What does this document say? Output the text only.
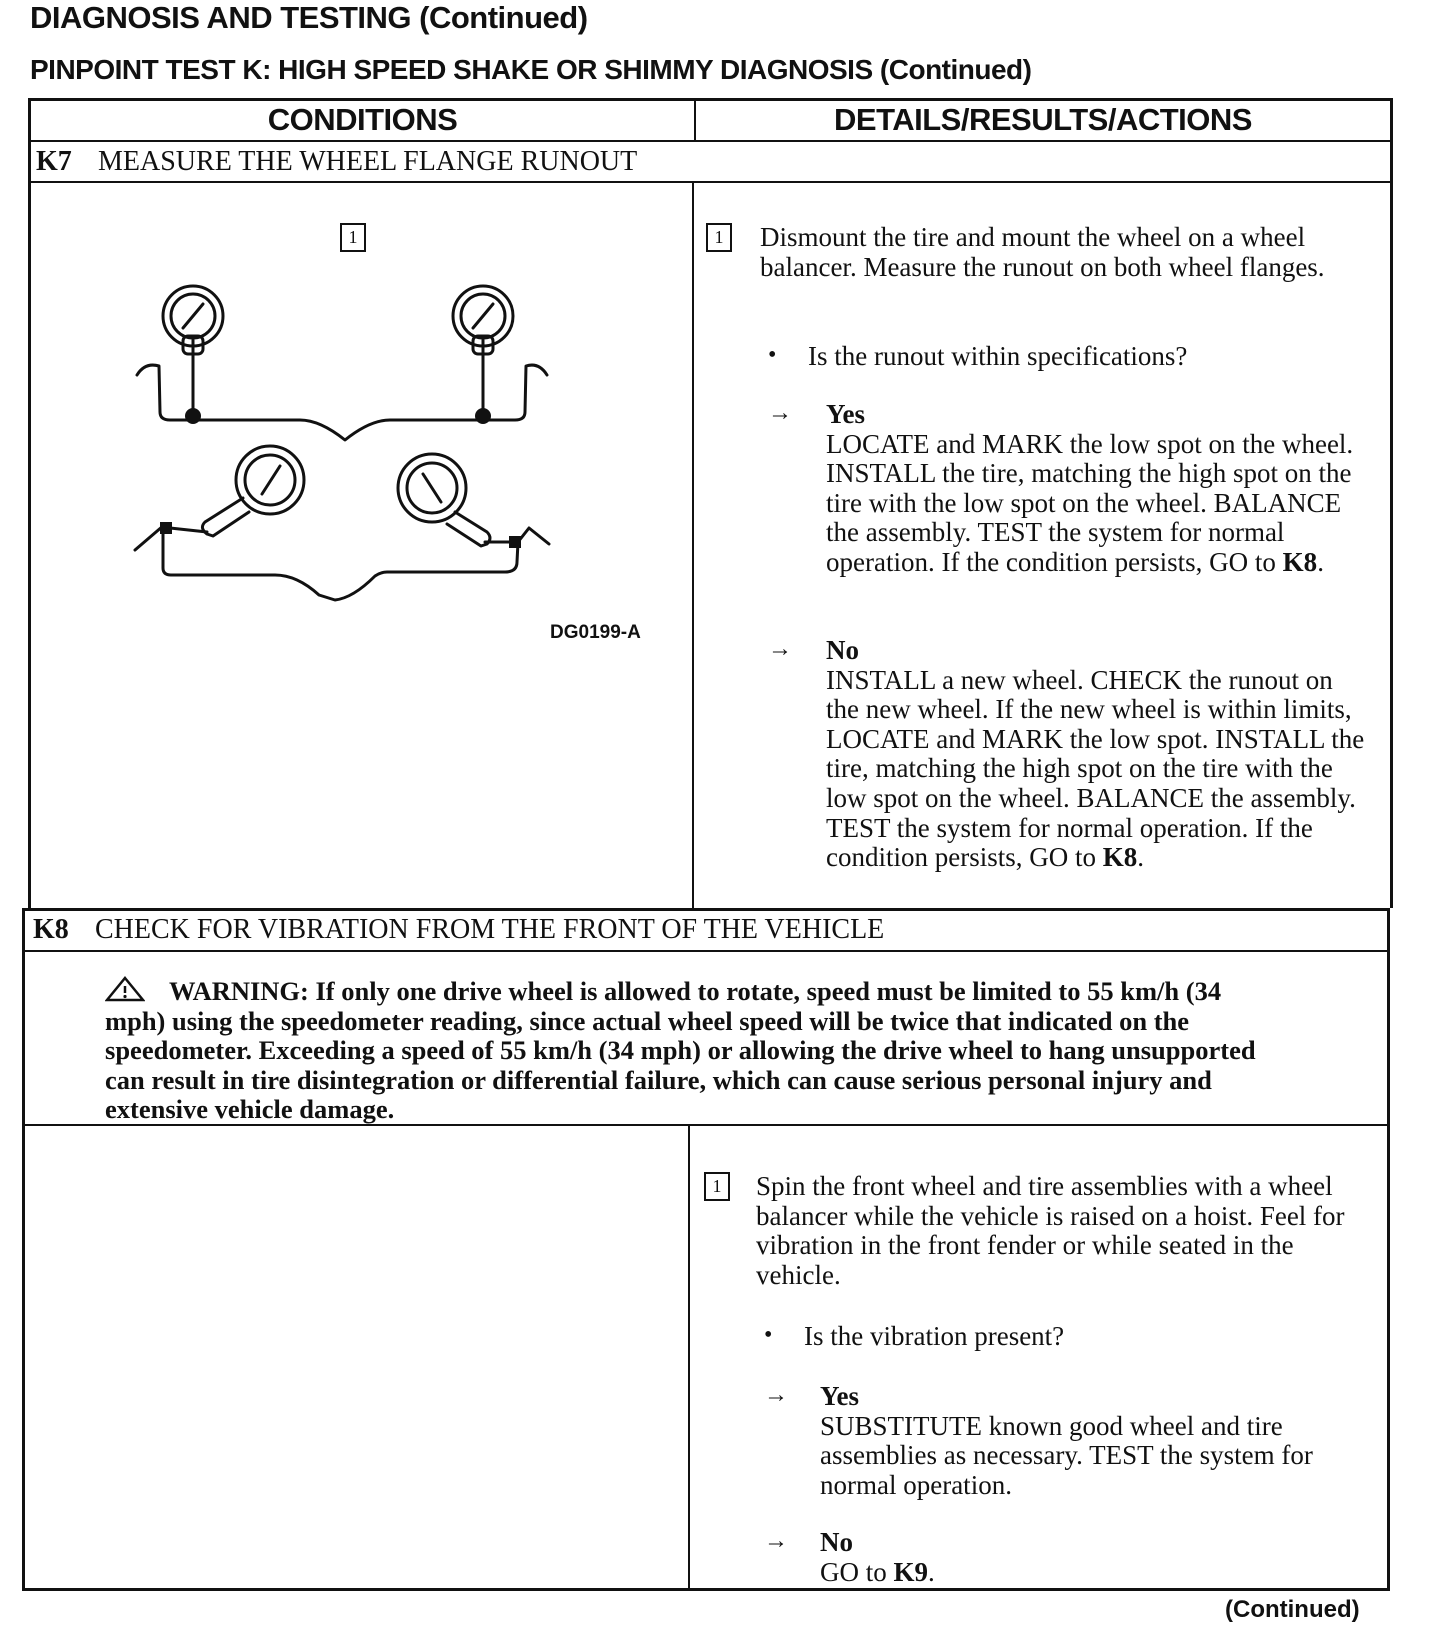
DIAGNOSIS AND TESTING (Continued)
PINPOINT TEST K: HIGH SPEED SHAKE OR SHIMMY DIAGNOSIS (Continued)
CONDITIONS	DETAILS/RESULTS/ACTIONS
K7 MEASURE THE WHEEL FLANGE RUNOUT
1
DG0199-A
1	Dismount the tire and mount the wheel on a wheel balancer. Measure the runout on both wheel flanges.
• Is the runout within specifications?
→ Yes
LOCATE and MARK the low spot on the wheel. INSTALL the tire, matching the high spot on the tire with the low spot on the wheel. BALANCE the assembly. TEST the system for normal operation. If the condition persists, GO to K8.
→ No
INSTALL a new wheel. CHECK the runout on the new wheel. If the new wheel is within limits, LOCATE and MARK the low spot. INSTALL the tire, matching the high spot on the tire with the low spot on the wheel. BALANCE the assembly. TEST the system for normal operation. If the condition persists, GO to K8.
K8 CHECK FOR VIBRATION FROM THE FRONT OF THE VEHICLE
WARNING: If only one drive wheel is allowed to rotate, speed must be limited to 55 km/h (34 mph) using the speedometer reading, since actual wheel speed will be twice that indicated on the speedometer. Exceeding a speed of 55 km/h (34 mph) or allowing the drive wheel to hang unsupported can result in tire disintegration or differential failure, which can cause serious personal injury and extensive vehicle damage.
1	Spin the front wheel and tire assemblies with a wheel balancer while the vehicle is raised on a hoist. Feel for vibration in the front fender or while seated in the vehicle.
• Is the vibration present?
→ Yes
SUBSTITUTE known good wheel and tire assemblies as necessary. TEST the system for normal operation.
→ No
GO to K9.
(Continued)
